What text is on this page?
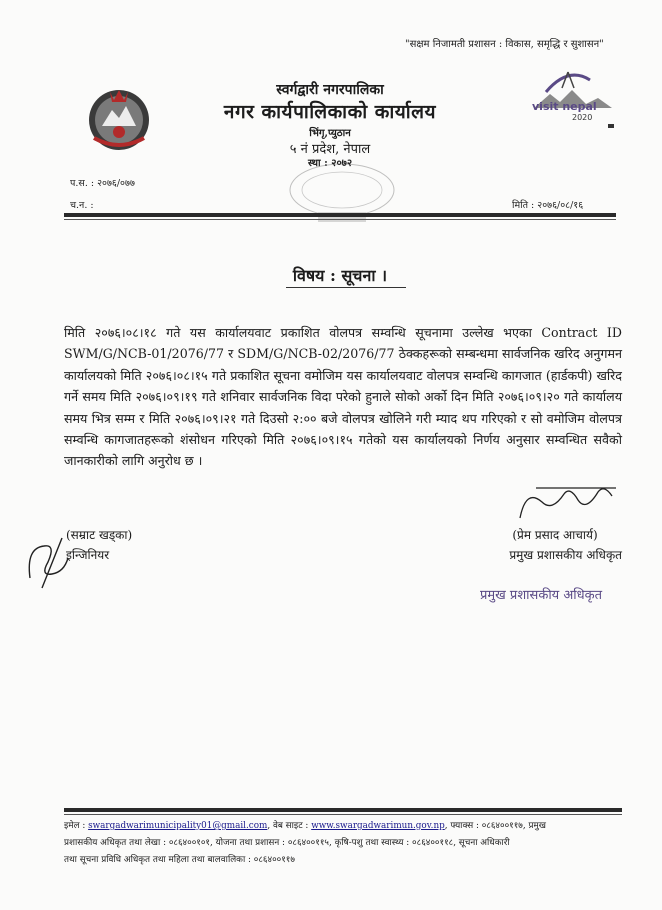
"सक्षम निजामती प्रशासन : विकास, समृद्धि र सुशासन"
visit nepal
2020
स्वर्गद्वारी नगरपालिका
नगर कार्यपालिकाको कार्यालय
भिंगृ,प्युठान
५ नं प्रदेश, नेपाल
स्था : २०७२
प.स. : २०७६/०७७
च.न. :	मिति : २०७६/०८/१६
विषय : सूचना ।
मिति २०७६।०८।१८ गते यस कार्यालयवाट प्रकाशित वोलपत्र सम्वन्धि सूचनामा उल्लेख भएका Contract ID SWM/G/NCB-01/2076/77 र SDM/G/NCB-02/2076/77 ठेक्कहरूको सम्बन्धमा सार्वजनिक खरिद अनुगमन कार्यालयको मिति २०७६।०८।१५ गते प्रकाशित सूचना वमोजिम यस कार्यालयवाट वोलपत्र सम्वन्धि कागजात (हार्डकपी) खरिद गर्ने समय मिति २०७६।०९।१९ गते शनिवार सार्वजनिक विदा परेको हुनाले सोको अर्को दिन मिति २०७६।०९।२० गते कार्यालय समय भित्र सम्म र मिति २०७६।०९।२१ गते दिउसो २:०० बजे वोलपत्र खोलिने गरी म्याद थप गरिएको र सो वमोजिम वोलपत्र सम्वन्धि कागजातहरूको शंसोधन गरिएको मिति २०७६।०९।१५ गतेको यस कार्यालयको निर्णय अनुसार सम्वन्धित सवैको जानकारीको लागि अनुरोध छ ।
(सम्राट खड्का)
इन्जिनियर
(प्रेम प्रसाद आचार्य)
प्रमुख प्रशासकीय अधिकृत
प्रमुख प्रशासकीय अधिकृत
इमेल : swargadwarimunicipality01@gmail.com, वेब साइट : www.swargadwarimun.gov.np, फ्याक्स : ०८६४००११७, प्रमुख
प्रशासकीय अधिकृत तथा लेखा : ०८६४००१०१, योजना तथा प्रशासन : ०८६४००११५, कृषि-पशु तथा स्वास्थ्य : ०८६४००११८, सूचना अधिकारी
तथा सूचना प्रविधि अधिकृत तथा महिला तथा बालवालिका : ०८६४००११७
